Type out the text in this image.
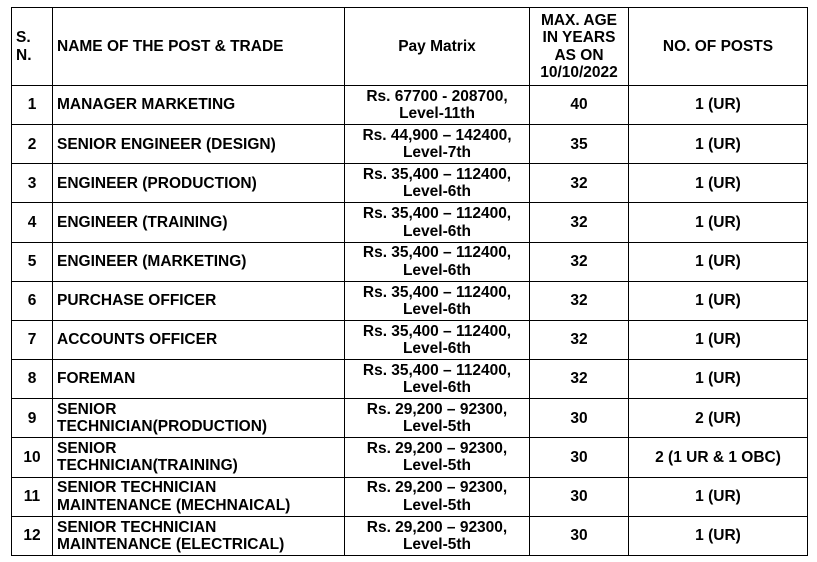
S.
N.	NAME OF THE POST & TRADE	Pay Matrix	MAX. AGE
IN YEARS
AS ON
10/10/2022	NO. OF POSTS
1	MANAGER MARKETING	Rs. 67700 - 208700,
Level-11th	40	1 (UR)
2	SENIOR ENGINEER (DESIGN)	Rs. 44,900 – 142400,
Level-7th	35	1 (UR)
3	ENGINEER (PRODUCTION)	Rs. 35,400 – 112400,
Level-6th	32	1 (UR)
4	ENGINEER (TRAINING)	Rs. 35,400 – 112400,
Level-6th	32	1 (UR)
5	ENGINEER (MARKETING)	Rs. 35,400 – 112400,
Level-6th	32	1 (UR)
6	PURCHASE OFFICER	Rs. 35,400 – 112400,
Level-6th	32	1 (UR)
7	ACCOUNTS OFFICER	Rs. 35,400 – 112400,
Level-6th	32	1 (UR)
8	FOREMAN	Rs. 35,400 – 112400,
Level-6th	32	1 (UR)
9	SENIOR
TECHNICIAN(PRODUCTION)	Rs. 29,200 – 92300,
Level-5th	30	2 (UR)
10	SENIOR
TECHNICIAN(TRAINING)	Rs. 29,200 – 92300,
Level-5th	30	2 (1 UR & 1 OBC)
11	SENIOR TECHNICIAN
MAINTENANCE (MECHNAICAL)	Rs. 29,200 – 92300,
Level-5th	30	1 (UR)
12	SENIOR TECHNICIAN
MAINTENANCE (ELECTRICAL)	Rs. 29,200 – 92300,
Level-5th	30	1 (UR)
